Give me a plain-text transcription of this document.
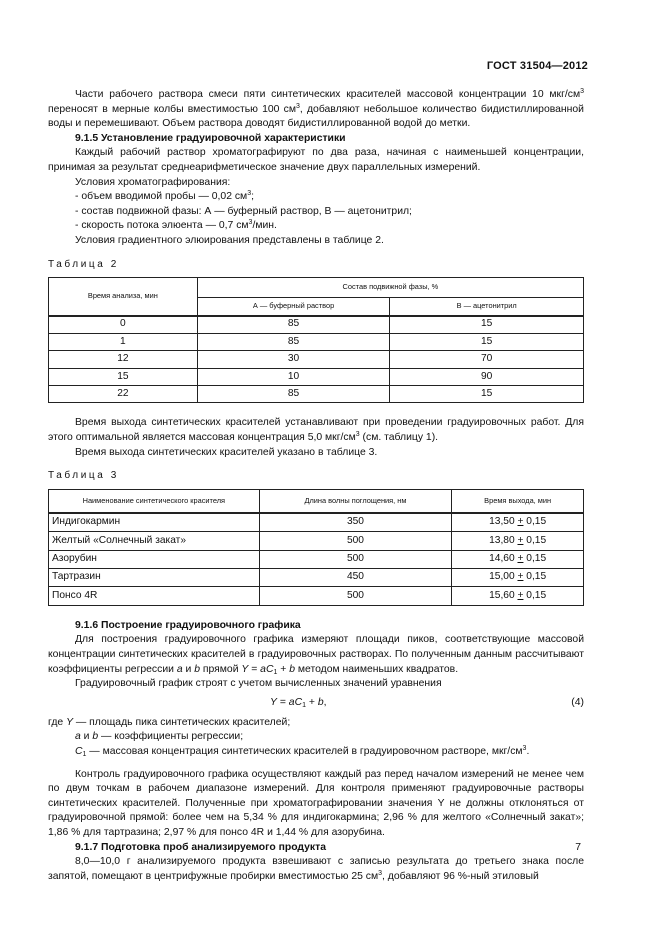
ГОСТ 31504—2012

Части рабочего раствора смеси пяти синтетических красителей массовой концентрации 10 мкг/$см^3$ переносят в мерные колбы вместимостью 100 $см^3$, добавляют небольшое количество бидистиллированной воды и перемешивают. Объем раствора доводят бидистиллированной водой до метки.

9.1.5 Установление градуировочной характеристики

Каждый рабочий раствор хроматографируют по два раза, начиная с наименьшей концентрации, принимая за результат среднеарифметическое значение двух параллельных измерений.

Условия хроматографирования:

- объем вводимой пробы — 0,02 $см^3$;

- состав подвижной фазы: А — буферный раствор, В — ацетонитрил;

- скорость потока элюента — 0,7 $см^3$/мин.

Условия градиентного элюирования представлены в таблице 2.

Таблица 2

Время анализа, мин	Состав подвижной фазы, %	
	А — буферный раствор	В — ацетонитрил
0	85	15
1	85	15
12	30	70
15	10	90
22	85	15

Время выхода синтетических красителей устанавливают при проведении градуировочных работ. Для этого оптимальной является массовая концентрация 5,0 мкг/$см^3$ (см. таблицу 1).

Время выхода синтетических красителей указано в таблице 3.

Таблица 3

Наименование синтетического красителя	Длина волны поглощения, нм	Время выхода, мин
Индигокармин	350	13,50 + 0,15
Желтый «Солнечный закат»	500	13,80 + 0,15
Азорубин	500	14,60 + 0,15
Тартразин	450	15,00 + 0,15
Понсо 4R	500	15,60 + 0,15

9.1.6 Построение градуировочного графика

Для построения градуировочного графика измеряют площади пиков, соответствующие массовой концентрации синтетических красителей в градуировочных растворах. По полученным данным рассчитывают коэффициенты регрессии a и b прямой $Y = aC_1 + b$ методом наименьших квадратов.

Градуировочный график строят с учетом вычисленных значений уравнения

$Y = aC_1 + b$,	(4)

где Y — площадь пика синтетических красителей;

a и b — коэффициенты регрессии;

$C_1$ — массовая концентрация синтетических красителей в градуировочном растворе, мкг/$см^3$.

Контроль градуировочного графика осуществляют каждый раз перед началом измерений не менее чем по двум точкам в рабочем диапазоне измерений. Для контроля применяют градуировочные растворы синтетических красителей. Полученные при хроматографировании значения Y не должны отклоняться от градуировочной прямой: более чем на 5,34 % для индигокармина; 2,96 % для желтого «Солнечный закат»; 1,86 % для тартразина; 2,97 % для понсо 4R и 1,44 % для азорубина.

9.1.7 Подготовка проб анализируемого продукта

8,0—10,0 г анализируемого продукта взвешивают с записью результата до третьего знака после запятой, помещают в центрифужные пробирки вместимостью 25 $см^3$, добавляют 96 %-ный этиловый

7
